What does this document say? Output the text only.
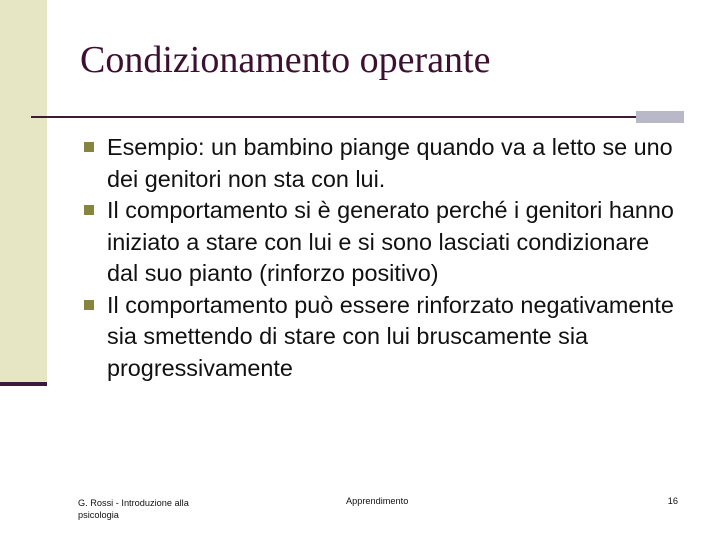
Condizionamento operante
Esempio: un bambino piange quando va a letto se uno dei genitori non sta con lui.
Il comportamento si è generato perché i genitori hanno iniziato a stare con lui e si sono lasciati condizionare dal suo pianto (rinforzo positivo)
Il comportamento può essere rinforzato negativamente sia smettendo di stare con lui bruscamente sia progressivamente
G. Rossi - Introduzione alla psicologia
Apprendimento	16
